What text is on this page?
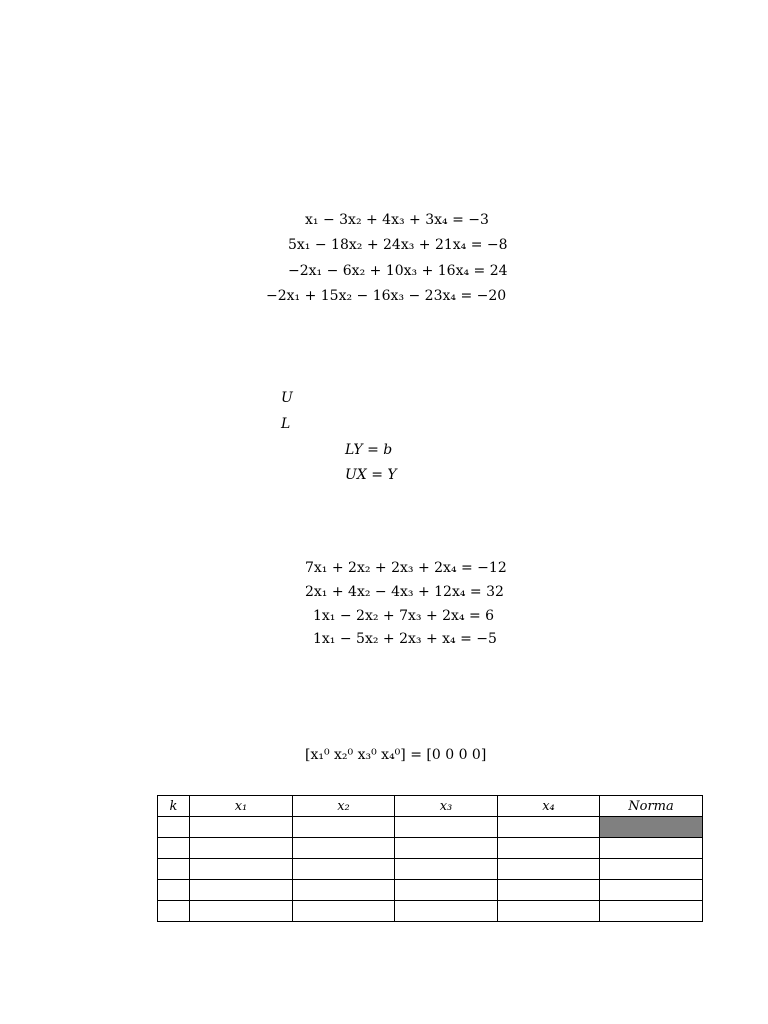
x₁ − 3x₂ + 4x₃ + 3x₄ = −3
5x₁ − 18x₂ + 24x₃ + 21x₄ = −8
−2x₁ − 6x₂ + 10x₃ + 16x₄ = 24
−2x₁ + 15x₂ − 16x₃ − 23x₄ = −20
U
L
LY = b
UX = Y
7x₁ + 2x₂ + 2x₃ + 2x₄ = −12
2x₁ + 4x₂ − 4x₃ + 12x₄ = 32
1x₁ − 2x₂ + 7x₃ + 2x₄ = 6
1x₁ − 5x₂ + 2x₃ + x₄ = −5
[x₁⁰ x₂⁰ x₃⁰ x₄⁰] = [0 0 0 0]
k	x₁	x₂	x₃	x₄	Norma
